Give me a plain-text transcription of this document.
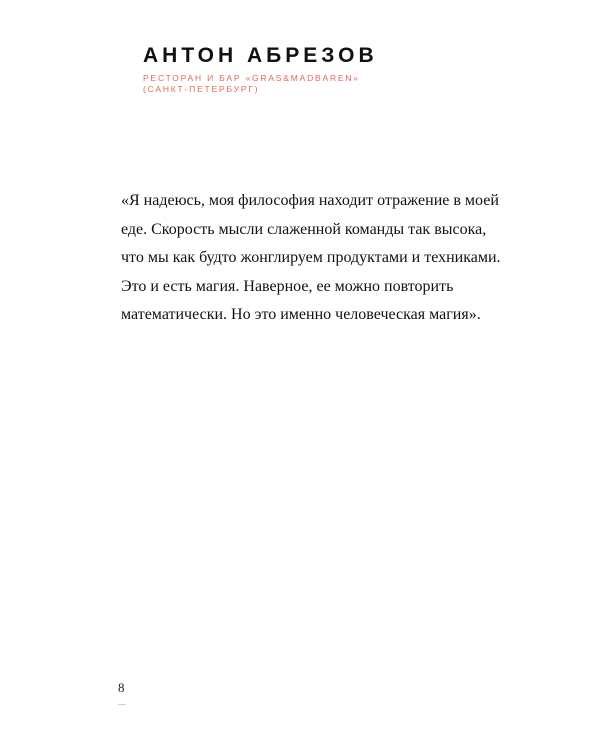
АНТОН АБРЕЗОВ
РЕСТОРАН И БАР «GRAS&MADBAREN»
(САНКТ-ПЕТЕРБУРГ)
«Я надеюсь, моя философия находит отражение в моей
еде. Скорость мысли слаженной команды так высока,
что мы как будто жонглируем продуктами и техниками.
Это и есть магия. Наверное, ее можно повторить
математически. Но это именно человеческая магия».
8
